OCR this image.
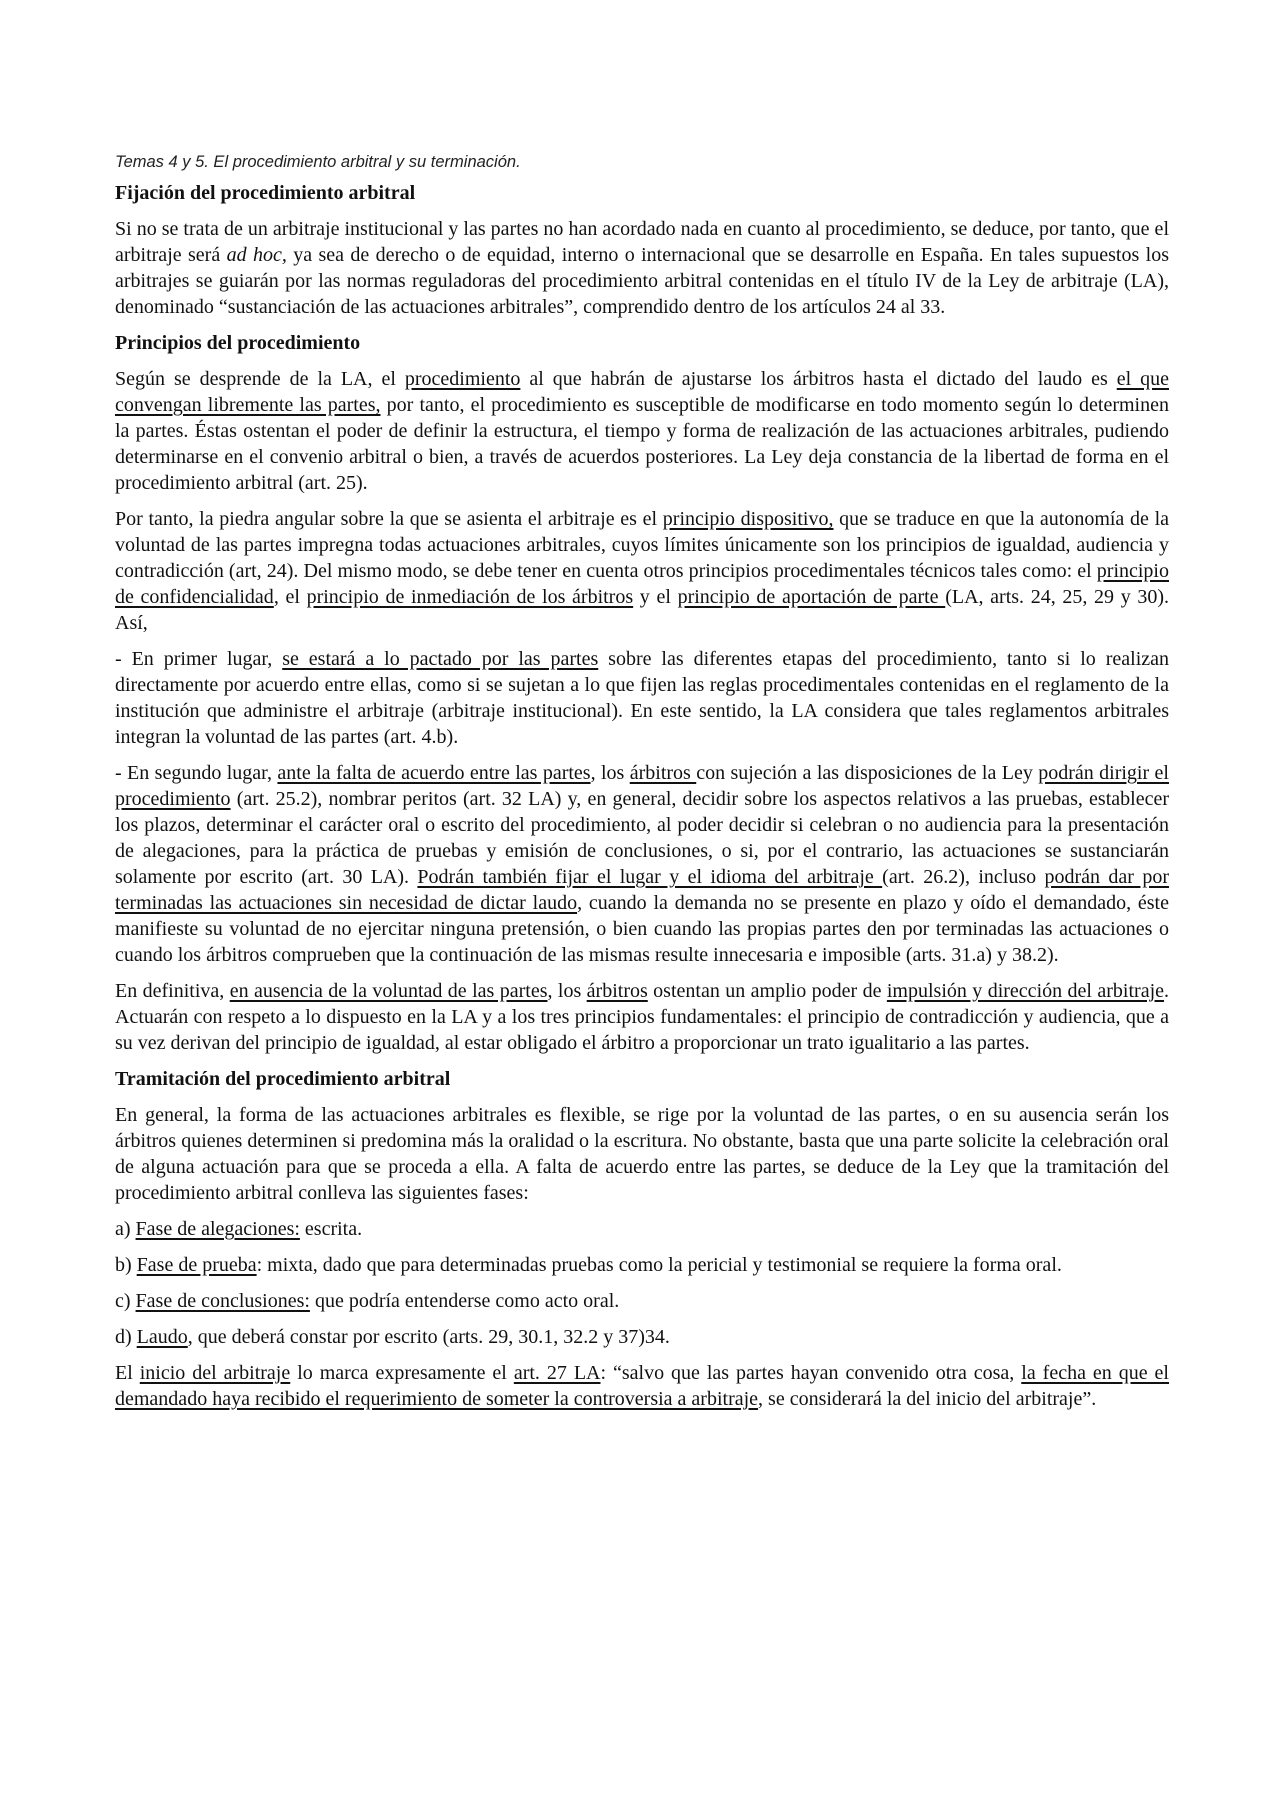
Temas 4 y 5. El procedimiento arbitral y su terminación.
Fijación del procedimiento arbitral

Si no se trata de un arbitraje institucional y las partes no han acordado nada en cuanto al procedimiento, se deduce, por tanto, que el arbitraje será ad hoc, ya sea de derecho o de equidad, interno o internacional que se desarrolle en España. En tales supuestos los arbitrajes se guiarán por las normas reguladoras del procedimiento arbitral contenidas en el título IV de la Ley de arbitraje (LA), denominado “sustanciación de las actuaciones arbitrales”, comprendido dentro de los artículos 24 al 33.

Principios del procedimiento

Según se desprende de la LA, el procedimiento al que habrán de ajustarse los árbitros hasta el dictado del laudo es el que convengan libremente las partes, por tanto, el procedimiento es susceptible de modificarse en todo momento según lo determinen la partes. Éstas ostentan el poder de definir la estructura, el tiempo y forma de realización de las actuaciones arbitrales, pudiendo determinarse en el convenio arbitral o bien, a través de acuerdos posteriores. La Ley deja constancia de la libertad de forma en el procedimiento arbitral (art. 25).

Por tanto, la piedra angular sobre la que se asienta el arbitraje es el principio dispositivo, que se traduce en que la autonomía de la voluntad de las partes impregna todas actuaciones arbitrales, cuyos límites únicamente son los principios de igualdad, audiencia y contradicción (art, 24). Del mismo modo, se debe tener en cuenta otros principios procedimentales técnicos tales como: el principio de confidencialidad, el principio de inmediación de los árbitros y el principio de aportación de parte (LA, arts. 24, 25, 29 y 30). Así,

- En primer lugar, se estará a lo pactado por las partes sobre las diferentes etapas del procedimiento, tanto si lo realizan directamente por acuerdo entre ellas, como si se sujetan a lo que fijen las reglas procedimentales contenidas en el reglamento de la institución que administre el arbitraje (arbitraje institucional). En este sentido, la LA considera que tales reglamentos arbitrales integran la voluntad de las partes (art. 4.b).

- En segundo lugar, ante la falta de acuerdo entre las partes, los árbitros con sujeción a las disposiciones de la Ley podrán dirigir el procedimiento (art. 25.2), nombrar peritos (art. 32 LA) y, en general, decidir sobre los aspectos relativos a las pruebas, establecer los plazos, determinar el carácter oral o escrito del procedimiento, al poder decidir si celebran o no audiencia para la presentación de alegaciones, para la práctica de pruebas y emisión de conclusiones, o si, por el contrario, las actuaciones se sustanciarán solamente por escrito (art. 30 LA). Podrán también fijar el lugar y el idioma del arbitraje (art. 26.2), incluso podrán dar por terminadas las actuaciones sin necesidad de dictar laudo, cuando la demanda no se presente en plazo y oído el demandado, éste manifieste su voluntad de no ejercitar ninguna pretensión, o bien cuando las propias partes den por terminadas las actuaciones o cuando los árbitros comprueben que la continuación de las mismas resulte innecesaria e imposible (arts. 31.a) y 38.2).

En definitiva, en ausencia de la voluntad de las partes, los árbitros ostentan un amplio poder de impulsión y dirección del arbitraje. Actuarán con respeto a lo dispuesto en la LA y a los tres principios fundamentales: el principio de contradicción y audiencia, que a su vez derivan del principio de igualdad, al estar obligado el árbitro a proporcionar un trato igualitario a las partes.

Tramitación del procedimiento arbitral

En general, la forma de las actuaciones arbitrales es flexible, se rige por la voluntad de las partes, o en su ausencia serán los árbitros quienes determinen si predomina más la oralidad o la escritura. No obstante, basta que una parte solicite la celebración oral de alguna actuación para que se proceda a ella. A falta de acuerdo entre las partes, se deduce de la Ley que la tramitación del procedimiento arbitral conlleva las siguientes fases:

a) Fase de alegaciones: escrita.

b) Fase de prueba: mixta, dado que para determinadas pruebas como la pericial y testimonial se requiere la forma oral.

c) Fase de conclusiones: que podría entenderse como acto oral.

d) Laudo, que deberá constar por escrito (arts. 29, 30.1, 32.2 y 37)34.

El inicio del arbitraje lo marca expresamente el art. 27 LA: “salvo que las partes hayan convenido otra cosa, la fecha en que el demandado haya recibido el requerimiento de someter la controversia a arbitraje, se considerará la del inicio del arbitraje”.
